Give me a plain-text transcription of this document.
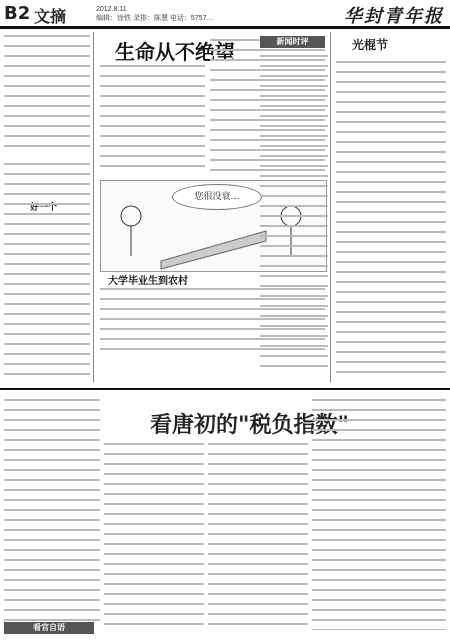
B2 文摘	2012.8.11
编辑：徐铁 录排：陈慧 电话：5757…	华封青年报
生命从不绝望
您很没衰…
大学毕业生到农村
好一个
新闻时评	光棍节
看唐初的"税负指数"
看官自语
